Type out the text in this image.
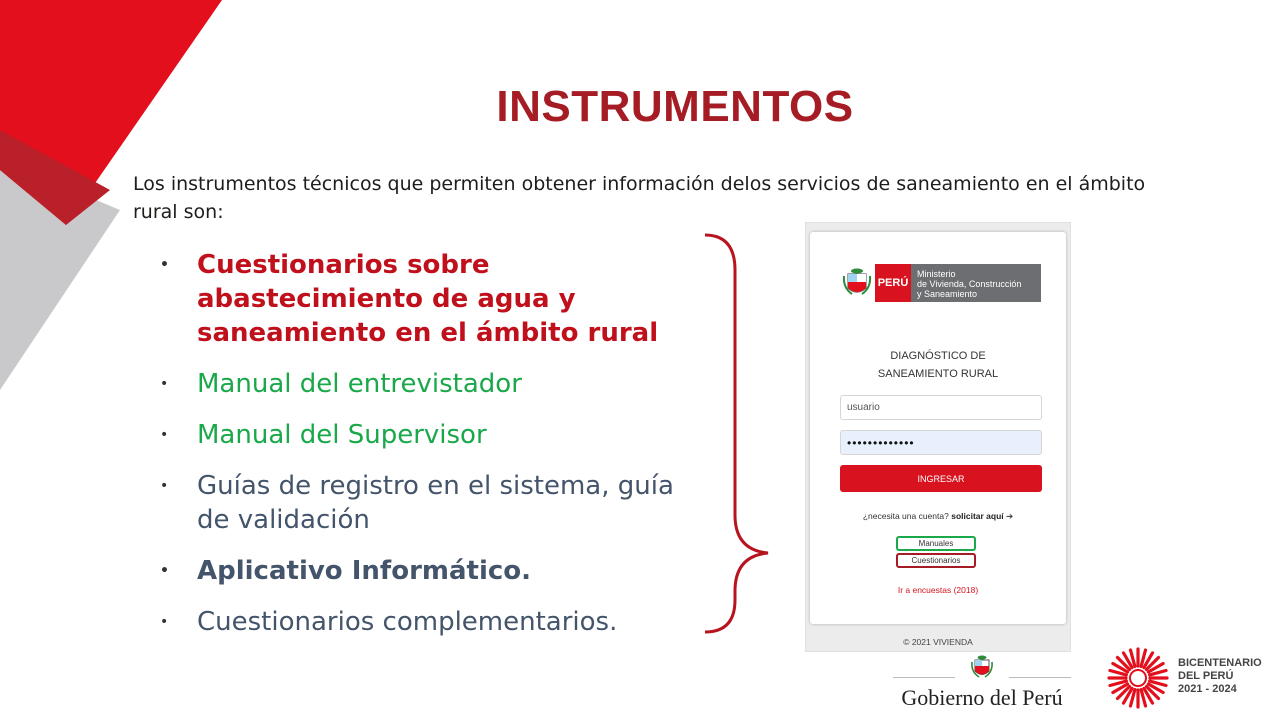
INSTRUMENTOS
Los instrumentos técnicos que permiten obtener información delos servicios de saneamiento en el ámbito rural son:
• Cuestionarios sobre abastecimiento de agua y saneamiento en el ámbito rural
• Manual del entrevistador
• Manual del Supervisor
• Guías de registro en el sistema, guía de validación
• Aplicativo Informático.
• Cuestionarios complementarios.
PERÚ
Ministerio
de Vivienda, Construcción
y Saneamiento
DIAGNÓSTICO DE
SANEAMIENTO RURAL
usuario
•••••••••••••
INGRESAR
¿necesita una cuenta? solicitar aquí ➔
Manuales
Cuestionarios
Ir a encuestas (2018)
© 2021 VIVIENDA
Gobierno del Perú
BICENTENARIO
DEL PERÚ
2021 - 2024
